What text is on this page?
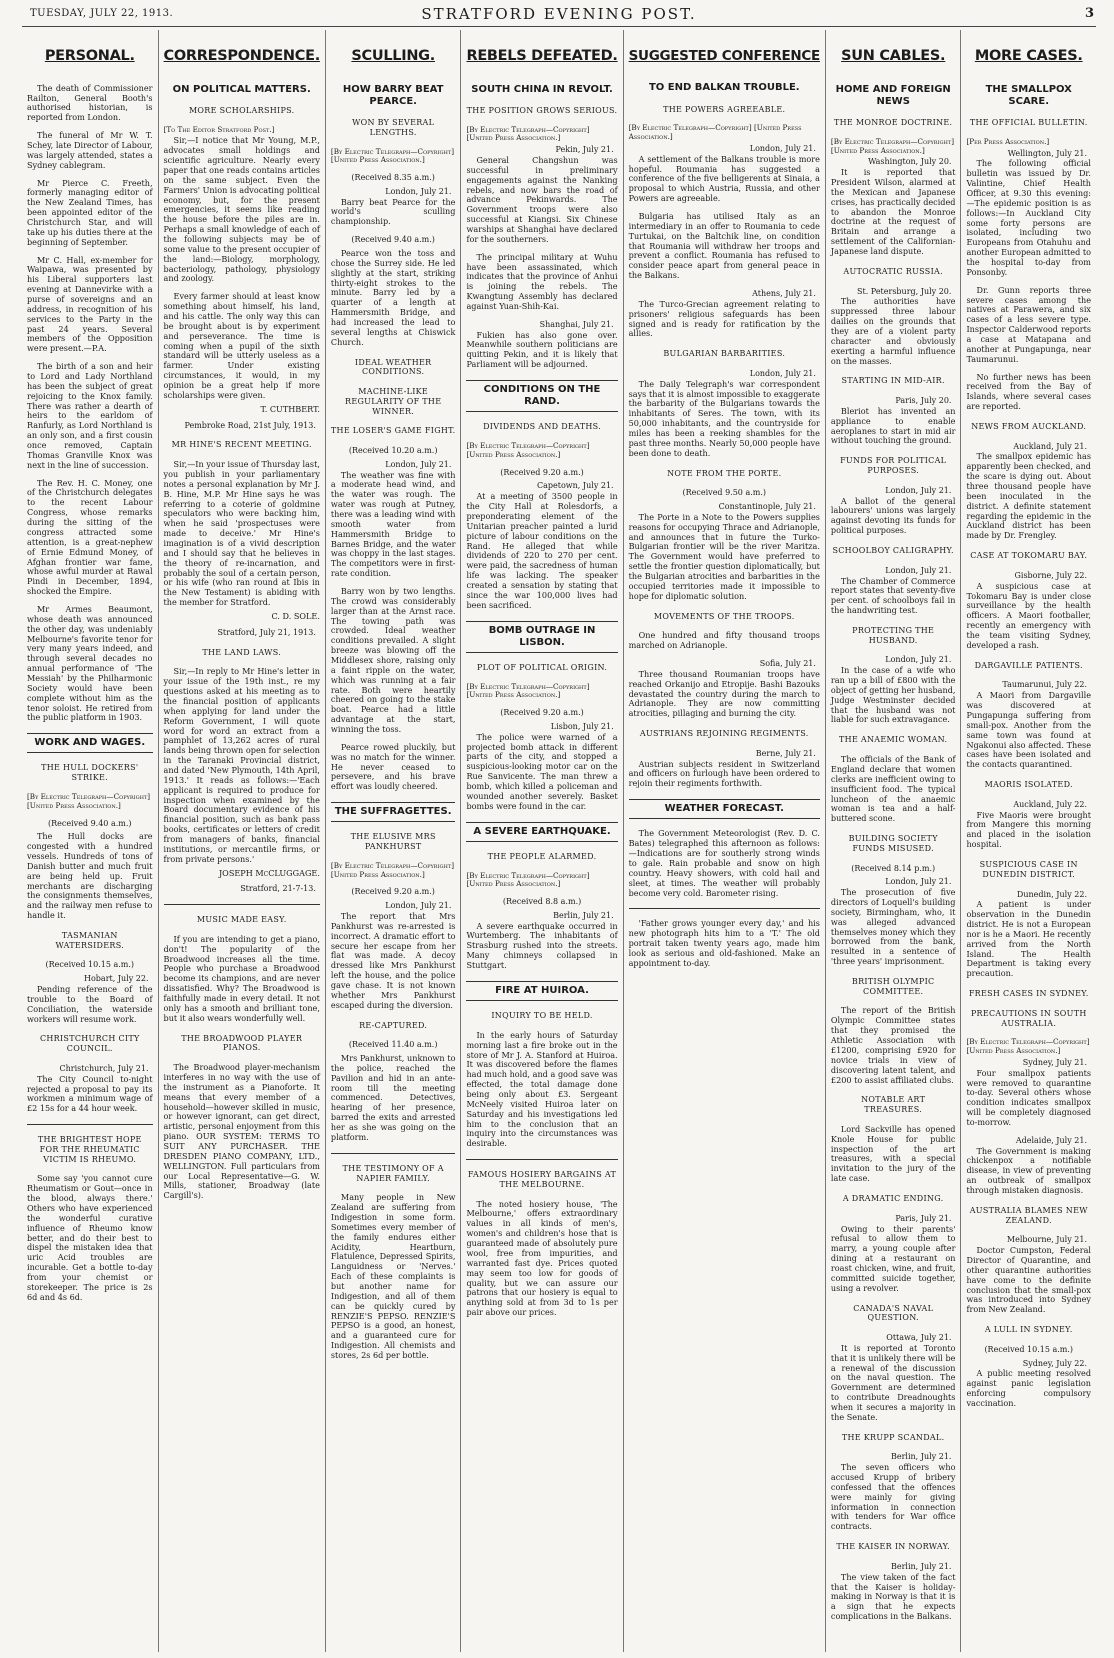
TUESDAY, JULY 22, 1913.	STRATFORD EVENING POST.	3
PERSONAL.

The death of Commissioner Railton, General Booth's authorised historian, is reported from London.

The funeral of Mr W. T. Schey, late Director of Labour, was largely attended, states a Sydney cablegram.

Mr Pierce C. Freeth, formerly managing editor of the New Zealand Times, has been appointed editor of the Christchurch Star, and will take up his duties there at the beginning of September.

Mr C. Hall, ex-member for Waipawa, was presented by his Liberal supporters last evening at Dannevirke with a purse of sovereigns and an address, in recognition of his services to the Party in the past 24 years. Several members of the Opposition were present.—P.A.

The birth of a son and heir to Lord and Lady Northland has been the subject of great rejoicing to the Knox family. There was rather a dearth of heirs to the earldom of Ranfurly, as Lord Northland is an only son, and a first cousin once removed, Captain Thomas Granville Knox was next in the line of succession.

The Rev. H. C. Money, one of the Christchurch delegates to the recent Labour Congress, whose remarks during the sitting of the congress attracted some attention, is a great-nephew of Ernie Edmund Money, of Afghan frontier war fame, whose awful murder at Rawal Pindi in December, 1894, shocked the Empire.

Mr Armes Beaumont, whose death was announced the other day, was undeniably Melbourne's favorite tenor for very many years indeed, and through several decades no annual performance of 'The Messiah' by the Philharmonic Society would have been complete without him as the tenor soloist. He retired from the public platform in 1903.

WORK AND WAGES.
THE HULL DOCKERS' STRIKE.
[By Electric Telegraph—Copyright] [United Press Association.]
(Received 9.40 a.m.)

The Hull docks are congested with a hundred vessels. Hundreds of tons of Danish butter and much fruit are being held up. Fruit merchants are discharging the consignments themselves, and the railway men refuse to handle it.

TASMANIAN WATERSIDERS.
(Received 10.15 a.m.)
Hobart, July 22.

Pending reference of the trouble to the Board of Conciliation, the waterside workers will resume work.

CHRISTCHURCH CITY COUNCIL.
Christchurch, July 21.

The City Council to-night rejected a proposal to pay its workmen a minimum wage of £2 15s for a 44 hour week.

THE BRIGHTEST HOPE FOR THE RHEUMATIC VICTIM IS RHEUMO.

Some say 'you cannot cure Rheumatism or Gout—once in the blood, always there.' Others who have experienced the wonderful curative influence of Rheumo know better, and do their best to dispel the mistaken idea that uric Acid troubles are incurable. Get a bottle to-day from your chemist or storekeeper. The price is 2s 6d and 4s 6d.

CORRESPONDENCE.
ON POLITICAL MATTERS.
MORE SCHOLARSHIPS.
[To The Editor Stratford Post.]

Sir,—I notice that Mr Young, M.P., advocates small holdings and scientific agriculture. Nearly every paper that one reads contains articles on the same subject. Even the Farmers' Union is advocating political economy, but, for the present emergencies, it seems like reading the house before the piles are in. Perhaps a small knowledge of each of the following subjects may be of some value to the present occupier of the land:—Biology, morphology, bacteriology, pathology, physiology and zoology.

Every farmer should at least know something about himself, his land, and his cattle. The only way this can be brought about is by experiment and perseverance. The time is coming when a pupil of the sixth standard will be utterly useless as a farmer. Under existing circumstances, it would, in my opinion be a great help if more scholarships were given.

T. CUTHBERT.
Pembroke Road, 21st July, 1913.
MR HINE'S RECENT MEETING.

Sir,—In your issue of Thursday last, you publish in your parliamentary notes a personal explanation by Mr J. B. Hine, M.P. Mr Hine says he was referring to a coterie of goldmine speculators who were backing him, when he said 'prospectuses were made to deceive.' Mr Hine's imagination is of a vivid description and I should say that he believes in the theory of re-incarnation, and probably the soul of a certain person, or his wife (who ran round at Ibis in the New Testament) is abiding with the member for Stratford.

C. D. SOLE.
Stratford, July 21, 1913.
THE LAND LAWS.

Sir,—In reply to Mr Hine's letter in your issue of the 19th inst., re my questions asked at his meeting as to the financial position of applicants when applying for land under the Reform Government, I will quote word for word an extract from a pamphlet of 13,262 acres of rural lands being thrown open for selection in the Taranaki Provincial district, and dated 'New Plymouth, 14th April, 1913.' It reads as follows:—'Each applicant is required to produce for inspection when examined by the Board documentary evidence of his financial position, such as bank pass books, certificates or letters of credit from managers of banks, financial institutions, or mercantile firms, or from private persons.'

JOSEPH McCLUGGAGE.
Stratford, 21-7-13.
MUSIC MADE EASY.

If you are intending to get a piano, don't! The popularity of the Broadwood increases all the time. People who purchase a Broadwood become its champions, and are never dissatisfied. Why? The Broadwood is faithfully made in every detail. It not only has a smooth and brilliant tone, but it also wears wonderfully well.

THE BROADWOOD PLAYER PIANOS.

The Broadwood player-mechanism interferes in no way with the use of the instrument as a Pianoforte. It means that every member of a household—however skilled in music, or however ignorant, can get direct, artistic, personal enjoyment from this piano. OUR SYSTEM: TERMS TO SUIT ANY PURCHASER. THE DRESDEN PIANO COMPANY, LTD., WELLINGTON. Full particulars from our Local Representative—G. W. Mills, stationer, Broadway (late Cargill's).

SCULLING.
HOW BARRY BEAT PEARCE.
WON BY SEVERAL LENGTHS.
[By Electric Telegraph—Copyright] [United Press Association.]
(Received 8.35 a.m.)
London, July 21.

Barry beat Pearce for the world's sculling championship.

(Received 9.40 a.m.)

Pearce won the toss and chose the Surrey side. He led slightly at the start, striking thirty-eight strokes to the minute. Barry led by a quarter of a length at Hammersmith Bridge, and had increased the lead to several lengths at Chiswick Church.

IDEAL WEATHER CONDITIONS.
MACHINE-LIKE REGULARITY OF THE WINNER.
THE LOSER'S GAME FIGHT.
(Received 10.20 a.m.)
London, July 21.

The weather was fine with a moderate head wind, and the water was rough. The water was rough at Putney, there was a leading wind with smooth water from Hammersmith Bridge to Barnes Bridge, and the water was choppy in the last stages. The competitors were in first-rate condition.

Barry won by two lengths. The crowd was considerably larger than at the Arnst race. The towing path was crowded. Ideal weather conditions prevailed. A slight breeze was blowing off the Middlesex shore, raising only a faint ripple on the water, which was running at a fair rate. Both were heartily cheered on going to the stake boat. Pearce had a little advantage at the start, winning the toss.

Pearce rowed pluckily, but was no match for the winner. He never ceased to persevere, and his brave effort was loudly cheered.

THE SUFFRAGETTES.
THE ELUSIVE MRS PANKHURST
[By Electric Telegraph—Copyright] [United Press Association.]
(Received 9.20 a.m.)
London, July 21.

The report that Mrs Pankhurst was re-arrested is incorrect. A dramatic effort to secure her escape from her flat was made. A decoy dressed like Mrs Pankhurst left the house, and the police gave chase. It is not known whether Mrs Pankhurst escaped during the diversion.

RE-CAPTURED.
(Received 11.40 a.m.)

Mrs Pankhurst, unknown to the police, reached the Pavilion and hid in an ante-room till the meeting commenced. Detectives, hearing of her presence, barred the exits and arrested her as she was going on the platform.

THE TESTIMONY OF A NAPIER FAMILY.

Many people in New Zealand are suffering from Indigestion in some form. Sometimes every member of the family endures either Acidity, Heartburn, Flatulence, Depressed Spirits, Languidness or 'Nerves.' Each of these complaints is but another name for Indigestion, and all of them can be quickly cured by RENZIE'S PEPSO. RENZIE'S PEPSO is a good, an honest, and a guaranteed cure for Indigestion. All chemists and stores, 2s 6d per bottle.

REBELS DEFEATED.
SOUTH CHINA IN REVOLT.
THE POSITION GROWS SERIOUS.
[By Electric Telegraph—Copyright] [United Press Association.]
Pekin, July 21.

General Changshun was successful in preliminary engagements against the Nanking rebels, and now bars the road of advance Pekinwards. The Government troops were also successful at Kiangsi. Six Chinese warships at Shanghai have declared for the southerners.

The principal military at Wuhu have been assassinated, which indicates that the province of Anhui is joining the rebels. The Kwangtung Assembly has declared against Yuan-Shih-Kai.

Shanghai, July 21.

Fukien has also gone over. Meanwhile southern politicians are quitting Pekin, and it is likely that Parliament will be adjourned.

CONDITIONS ON THE RAND.
DIVIDENDS AND DEATHS.
[By Electric Telegraph—Copyright] [United Press Association.]
(Received 9.20 a.m.)
Capetown, July 21.

At a meeting of 3500 people in the City Hall at Rolesdorfs, a preponderating element of the Unitarian preacher painted a lurid picture of labour conditions on the Rand. He alleged that while dividends of 220 to 270 per cent. were paid, the sacredness of human life was lacking. The speaker created a sensation by stating that since the war 100,000 lives had been sacrificed.

BOMB OUTRAGE IN LISBON.
PLOT OF POLITICAL ORIGIN.
[By Electric Telegraph—Copyright] [United Press Association.]
(Received 9.20 a.m.)
Lisbon, July 21.

The police were warned of a projected bomb attack in different parts of the city, and stopped a suspicious-looking motor car on the Rue Sanvicente. The man threw a bomb, which killed a policeman and wounded another severely. Basket bombs were found in the car.

A SEVERE EARTHQUAKE.
THE PEOPLE ALARMED.
[By Electric Telegraph—Copyright] [United Press Association.]
(Received 8.8 a.m.)
Berlin, July 21.

A severe earthquake occurred in Wurtemberg. The inhabitants of Strasburg rushed into the streets. Many chimneys collapsed in Stuttgart.

FIRE AT HUIROA.
INQUIRY TO BE HELD.

In the early hours of Saturday morning last a fire broke out in the store of Mr J. A. Stanford at Huiroa. It was discovered before the flames had much hold, and a good save was effected, the total damage done being only about £3. Sergeant McNeely visited Huiroa later on Saturday and his investigations led him to the conclusion that an inquiry into the circumstances was desirable.

FAMOUS HOSIERY BARGAINS AT THE MELBOURNE.

The noted hosiery house, 'The Melbourne,' offers extraordinary values in all kinds of men's, women's and children's hose that is guaranteed made of absolutely pure wool, free from impurities, and warranted fast dye. Prices quoted may seem too low for goods of quality, but we can assure our patrons that our hosiery is equal to anything sold at from 3d to 1s per pair above our prices.

SUGGESTED CONFERENCE
TO END BALKAN TROUBLE.
THE POWERS AGREEABLE.
[By Electric Telegraph—Copyright] [United Press Association.]
London, July 21.

A settlement of the Balkans trouble is more hopeful. Roumania has suggested a conference of the five belligerents at Sinaia, a proposal to which Austria, Russia, and other Powers are agreeable.

Bulgaria has utilised Italy as an intermediary in an offer to Roumania to cede Turtukai, on the Baltchik line, on condition that Roumania will withdraw her troops and prevent a conflict. Roumania has refused to consider peace apart from general peace in the Balkans.

Athens, July 21.

The Turco-Grecian agreement relating to prisoners' religious safeguards has been signed and is ready for ratification by the allies.

BULGARIAN BARBARITIES.
London, July 21.

The Daily Telegraph's war correspondent says that it is almost impossible to exaggerate the barbarity of the Bulgarians towards the inhabitants of Seres. The town, with its 50,000 inhabitants, and the countryside for miles has been a reeking shambles for the past three months. Nearly 50,000 people have been done to death.

NOTE FROM THE PORTE.
(Received 9.50 a.m.)
Constantinople, July 21.

The Porte in a Note to the Powers supplies reasons for occupying Thrace and Adrianople, and announces that in future the Turko-Bulgarian frontier will be the river Maritza. The Government would have preferred to settle the frontier question diplomatically, but the Bulgarian atrocities and barbarities in the occupied territories made it impossible to hope for diplomatic solution.

MOVEMENTS OF THE TROOPS.

One hundred and fifty thousand troops marched on Adrianople.

Sofia, July 21.

Three thousand Roumanian troops have reached Orkanijo and Etropije. Bashi Bazouks devastated the country during the march to Adrianople. They are now committing atrocities, pillaging and burning the city.

AUSTRIANS REJOINING REGIMENTS.
Berne, July 21.

Austrian subjects resident in Switzerland and officers on furlough have been ordered to rejoin their regiments forthwith.

WEATHER FORECAST.

The Government Meteorologist (Rev. D. C. Bates) telegraphed this afternoon as follows:—Indications are for southerly strong winds to gale. Rain probable and snow on high country. Heavy showers, with cold hail and sleet, at times. The weather will probably become very cold. Barometer rising.

'Father grows younger every day,' and his new photograph hits him to a 'T.' The old portrait taken twenty years ago, made him look as serious and old-fashioned. Make an appointment to-day.

SUN CABLES.
HOME AND FOREIGN NEWS
THE MONROE DOCTRINE.
[By Electric Telegraph—Copyright] [United Press Association.]
Washington, July 20.

It is reported that President Wilson, alarmed at the Mexican and Japanese crises, has practically decided to abandon the Monroe doctrine at the request of Britain and arrange a settlement of the Californian-Japanese land dispute.

AUTOCRATIC RUSSIA.
St. Petersburg, July 20.

The authorities have suppressed three labour dailies on the grounds that they are of a violent party character and obviously exerting a harmful influence on the masses.

STARTING IN MID-AIR.
Paris, July 20.

Bleriot has invented an appliance to enable aeroplanes to start in mid air without touching the ground.

FUNDS FOR POLITICAL PURPOSES.
London, July 21.

A ballot of the general labourers' unions was largely against devoting its funds for political purposes.

SCHOOLBOY CALIGRAPHY.
London, July 21.

The Chamber of Commerce report states that seventy-five per cent. of schoolboys fail in the handwriting test.

PROTECTING THE HUSBAND.
London, July 21.

In the case of a wife who ran up a bill of £800 with the object of getting her husband, Judge Westminster decided that the husband was not liable for such extravagance.

THE ANAEMIC WOMAN.

The officials of the Bank of England declare that women clerks are inefficient owing to insufficient food. The typical luncheon of the anaemic woman is tea and a half-buttered scone.

BUILDING SOCIETY FUNDS MISUSED.
(Received 8.14 p.m.)
London, July 21.

The prosecution of five directors of Loquell's building society, Birmingham, who, it was alleged advanced themselves money which they borrowed from the bank, resulted in a sentence of 'three years' imprisonment.

BRITISH OLYMPIC COMMITTEE.

The report of the British Olympic Committee states that they promised the Athletic Association with £1200, comprising £920 for novice trials in view of discovering latent talent, and £200 to assist affiliated clubs.

NOTABLE ART TREASURES.

Lord Sackville has opened Knole House for public inspection of the art treasures, with a special invitation to the jury of the late case.

A DRAMATIC ENDING.
Paris, July 21.

Owing to their parents' refusal to allow them to marry, a young couple after dining at a restaurant on roast chicken, wine, and fruit, committed suicide together, using a revolver.

CANADA'S NAVAL QUESTION.
Ottawa, July 21.

It is reported at Toronto that it is unlikely there will be a renewal of the discussion on the naval question. The Government are determined to contribute Dreadnoughts when it secures a majority in the Senate.

THE KRUPP SCANDAL.
Berlin, July 21.

The seven officers who accused Krupp of bribery confessed that the offences were mainly for giving information in connection with tenders for War office contracts.

THE KAISER IN NORWAY.
Berlin, July 21.

The view taken of the fact that the Kaiser is holiday-making in Norway is that it is a sign that he expects complications in the Balkans.

MORE CASES.
THE SMALLPOX SCARE.
THE OFFICIAL BULLETIN.
[Per Press Association.]
Wellington, July 21.

The following official bulletin was issued by Dr. Valintine, Chief Health Officer, at 9.30 this evening:—The epidemic position is as follows:—In Auckland City some forty persons are isolated, including two Europeans from Otahuhu and another European admitted to the hospital to-day from Ponsonby.

Dr. Gunn reports three severe cases among the natives at Parawera, and six cases of a less severe type. Inspector Calderwood reports a case at Matapana and another at Pungapunga, near Taumarunui.

No further news has been received from the Bay of Islands, where several cases are reported.

NEWS FROM AUCKLAND.
Auckland, July 21.

The smallpox epidemic has apparently been checked, and the scare is dying out. About three thousand people have been inoculated in the district. A definite statement regarding the epidemic in the Auckland district has been made by Dr. Frengley.

CASE AT TOKOMARU BAY.
Gisborne, July 22.

A suspicious case at Tokomaru Bay is under close surveillance by the health officers. A Maori footballer, recently an emergency with the team visiting Sydney, developed a rash.

DARGAVILLE PATIENTS.
Taumarunui, July 22.

A Maori from Dargaville was discovered at Pungapunga suffering from small-pox. Another from the same town was found at Ngakonui also affected. These cases have been isolated and the contacts quarantined.

MAORIS ISOLATED.
Auckland, July 22.

Five Maoris were brought from Mangere this morning and placed in the isolation hospital.

SUSPICIOUS CASE IN DUNEDIN DISTRICT.
Dunedin, July 22.

A patient is under observation in the Dunedin district. He is not a European nor is he a Maori. He recently arrived from the North Island. The Health Department is taking every precaution.

FRESH CASES IN SYDNEY.
PRECAUTIONS IN SOUTH AUSTRALIA.
[By Electric Telegraph—Copyright] [United Press Association.]
Sydney, July 21.

Four smallpox patients were removed to quarantine to-day. Several others whose condition indicates smallpox will be completely diagnosed to-morrow.

Adelaide, July 21.

The Government is making chickenpox a notifiable disease, in view of preventing an outbreak of smallpox through mistaken diagnosis.

AUSTRALIA BLAMES NEW ZEALAND.
Melbourne, July 21.

Doctor Cumpston, Federal Director of Quarantine, and other quarantine authorities have come to the definite conclusion that the small-pox was introduced into Sydney from New Zealand.

A LULL IN SYDNEY.
(Received 10.15 a.m.)
Sydney, July 22.

A public meeting resolved against panic legislation enforcing compulsory vaccination.
